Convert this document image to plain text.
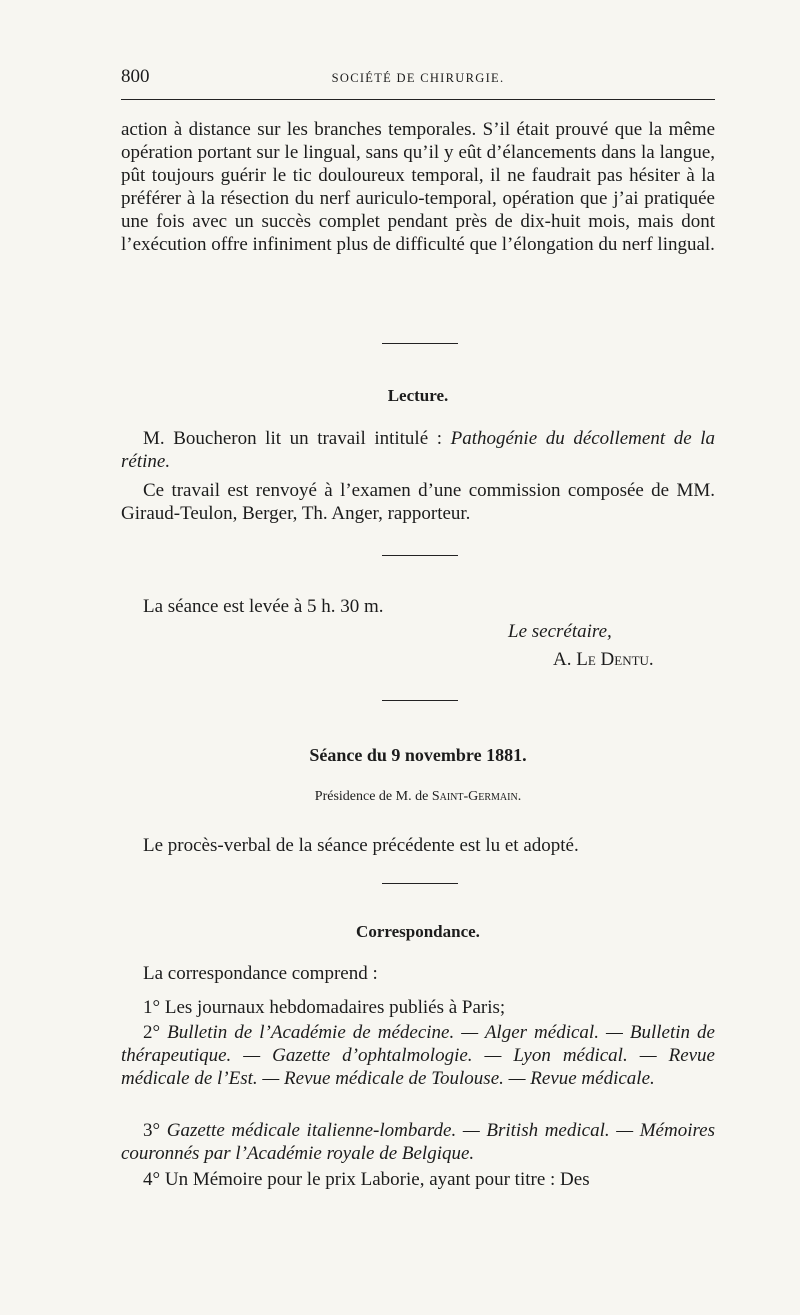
800	SOCIÉTÉ DE CHIRURGIE.

action à distance sur les branches temporales. S’il était prouvé que la même opération portant sur le lingual, sans qu’il y eût d’élancements dans la langue, pût toujours guérir le tic douloureux temporal, il ne faudrait pas hésiter à la préférer à la résection du nerf auriculo-temporal, opération que j’ai pratiquée une fois avec un succès complet pendant près de dix-huit mois, mais dont l’exécution offre infiniment plus de difficulté que l’élongation du nerf lingual.

Lecture.

M. Boucheron lit un travail intitulé : Pathogénie du décollement de la rétine.

Ce travail est renvoyé à l’examen d’une commission composée de MM. Giraud-Teulon, Berger, Th. Anger, rapporteur.

La séance est levée à 5 h. 30 m.

Le secrétaire,
A. Le Dentu.
Séance du 9 novembre 1881.
Présidence de M. de Saint-Germain.

Le procès-verbal de la séance précédente est lu et adopté.

Correspondance.

La correspondance comprend :

1° Les journaux hebdomadaires publiés à Paris;

2° Bulletin de l’Académie de médecine. — Alger médical. — Bulletin de thérapeutique. — Gazette d’ophtalmologie. — Lyon médical. — Revue médicale de l’Est. — Revue médicale de Toulouse. — Revue médicale.

3° Gazette médicale italienne-lombarde. — British medical. — Mémoires couronnés par l’Académie royale de Belgique.

4° Un Mémoire pour le prix Laborie, ayant pour titre : Des
